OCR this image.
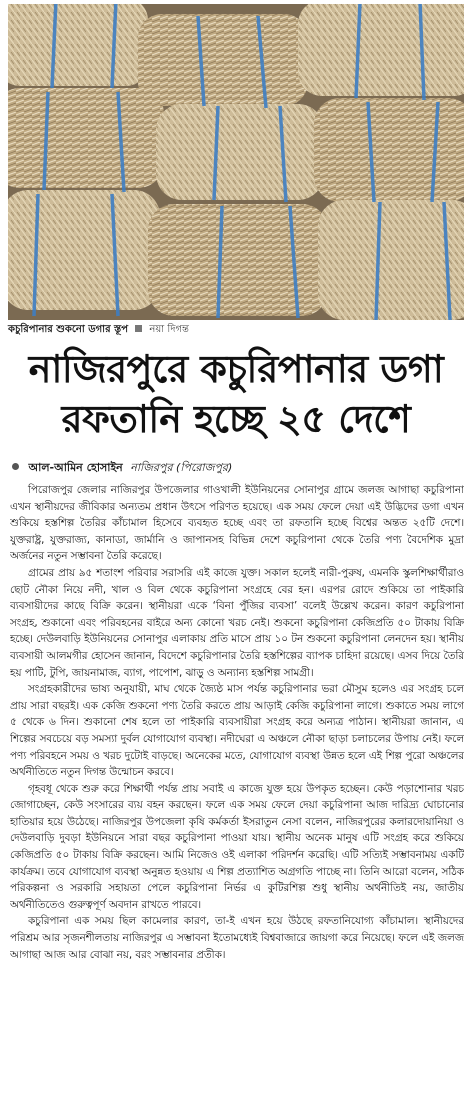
কচুরিপানার শুকনো ডগার স্তূপ নয়া দিগন্ত
নাজিরপুরে কচুরিপানার ডগা
রফতানি হচ্ছে ২৫ দেশে
আল-আমিন হোসাইন নাজিরপুর (পিরোজপুর)

পিরোজপুর জেলার নাজিরপুর উপজেলার গাওখালী ইউনিয়নের সোনাপুর গ্রামে জলজ আগাছা কচুরিপানা এখন স্থানীয়দের জীবিকার অন্যতম প্রধান উৎসে পরিণত হয়েছে। এক সময় ফেলে দেয়া এই উদ্ভিদের ডগা এখন শুকিয়ে হস্তশিল্প তৈরির কাঁচামাল হিসেবে ব্যবহৃত হচ্ছে এবং তা রফতানি হচ্ছে বিশ্বের অন্তত ২৫টি দেশে। যুক্তরাষ্ট্র, যুক্তরাজ্য, কানাডা, জার্মানি ও জাপানসহ বিভিন্ন দেশে কচুরিপানা থেকে তৈরি পণ্য বৈদেশিক মুদ্রা অর্জনের নতুন সম্ভাবনা তৈরি করেছে।

গ্রামের প্রায় ৯৫ শতাংশ পরিবার সরাসরি এই কাজে যুক্ত। সকাল হলেই নারী-পুরুষ, এমনকি স্কুলশিক্ষার্থীরাও ছোট নৌকা নিয়ে নদী, খাল ও বিল থেকে কচুরিপানা সংগ্রহে বের হন। এরপর রোদে শুকিয়ে তা পাইকারি ব্যবসায়ীদের কাছে বিক্রি করেন। স্থানীয়রা একে ‘বিনা পুঁজির ব্যবসা’ বলেই উল্লেখ করেন। কারণ কচুরিপানা সংগ্রহ, শুকানো এবং পরিবহনের বাইরে অন্য কোনো খরচ নেই। শুকনো কচুরিপানা কেজিপ্রতি ৫০ টাকায় বিক্রি হচ্ছে। দেউলবাড়ি ইউনিয়নের সোনাপুর এলাকায় প্রতি মাসে প্রায় ১০ টন শুকনো কচুরিপানা লেনদেন হয়। স্থানীয় ব্যবসায়ী আলমগীর হোসেন জানান, বিদেশে কচুরিপানার তৈরি হস্তশিল্পের ব্যাপক চাহিদা রয়েছে। এসব দিয়ে তৈরি হয় পাটি, টুপি, জায়নামাজ, ব্যাগ, পাপোশ, ঝাড়ু ও অন্যান্য হস্তশিল্প সামগ্রী।

সংগ্রহকারীদের ভাষ্য অনুযায়ী, মাঘ থেকে জ্যৈষ্ঠ মাস পর্যন্ত কচুরিপানার ভরা মৌসুম হলেও এর সংগ্রহ চলে প্রায় সারা বছরই। এক কেজি শুকনো পণ্য তৈরি করতে প্রায় আড়াই কেজি কচুরিপানা লাগে। শুকাতে সময় লাগে ৫ থেকে ৬ দিন। শুকানো শেষ হলে তা পাইকারি ব্যবসায়ীরা সংগ্রহ করে অন্যত্র পাঠান। স্থানীয়রা জানান, এ শিল্পের সবচেয়ে বড় সমস্যা দুর্বল যোগাযোগ ব্যবস্থা। নদীঘেরা এ অঞ্চলে নৌকা ছাড়া চলাচলের উপায় নেই। ফলে পণ্য পরিবহনে সময় ও খরচ দুটোই বাড়ছে। অনেকের মতে, যোগাযোগ ব্যবস্থা উন্নত হলে এই শিল্প পুরো অঞ্চলের অর্থনীতিতে নতুন দিগন্ত উন্মোচন করবে।

গৃহবধূ থেকে শুরু করে শিক্ষার্থী পর্যন্ত প্রায় সবাই এ কাজে যুক্ত হয়ে উপকৃত হচ্ছেন। কেউ পড়াশোনার খরচ জোগাচ্ছেন, কেউ সংসারের ব্যয় বহন করছেন। ফলে এক সময় ফেলে দেয়া কচুরিপানা আজ দারিদ্র্য ঘোচানোর হাতিয়ার হয়ে উঠেছে। নাজিরপুর উপজেলা কৃষি কর্মকর্তা ইসরাতুন নেসা বলেন, নাজিরপুরের কলারদোয়ানিয়া ও দেউলবাড়ি দুবড়া ইউনিয়নে সারা বছর কচুরিপানা পাওয়া যায়। স্থানীয় অনেক মানুষ এটি সংগ্রহ করে শুকিয়ে কেজিপ্রতি ৫০ টাকায় বিক্রি করছেন। আমি নিজেও ওই এলাকা পরিদর্শন করেছি। এটি সত্যিই সম্ভাবনাময় একটি কার্যক্রম। তবে যোগাযোগ ব্যবস্থা অনুন্নত হওয়ায় এ শিল্প প্রত্যাশিত অগ্রগতি পাচ্ছে না। তিনি আরো বলেন, সঠিক পরিকল্পনা ও সরকারি সহায়তা পেলে কচুরিপানা নির্ভর এ কুটিরশিল্প শুধু স্থানীয় অর্থনীতিই নয়, জাতীয় অর্থনীতিতেও গুরুত্বপূর্ণ অবদান রাখতে পারবে।

কচুরিপানা এক সময় ছিল কামেলার কারণ, তা-ই এখন হয়ে উঠছে রফতানিযোগ্য কাঁচামাল। স্থানীয়দের পরিশ্রম আর সৃজনশীলতায় নাজিরপুর এ সম্ভাবনা ইতোমধ্যেই বিশ্ববাজারে জায়গা করে নিয়েছে। ফলে এই জলজ আগাছা আজ আর বোঝা নয়, বরং সম্ভাবনার প্রতীক।
